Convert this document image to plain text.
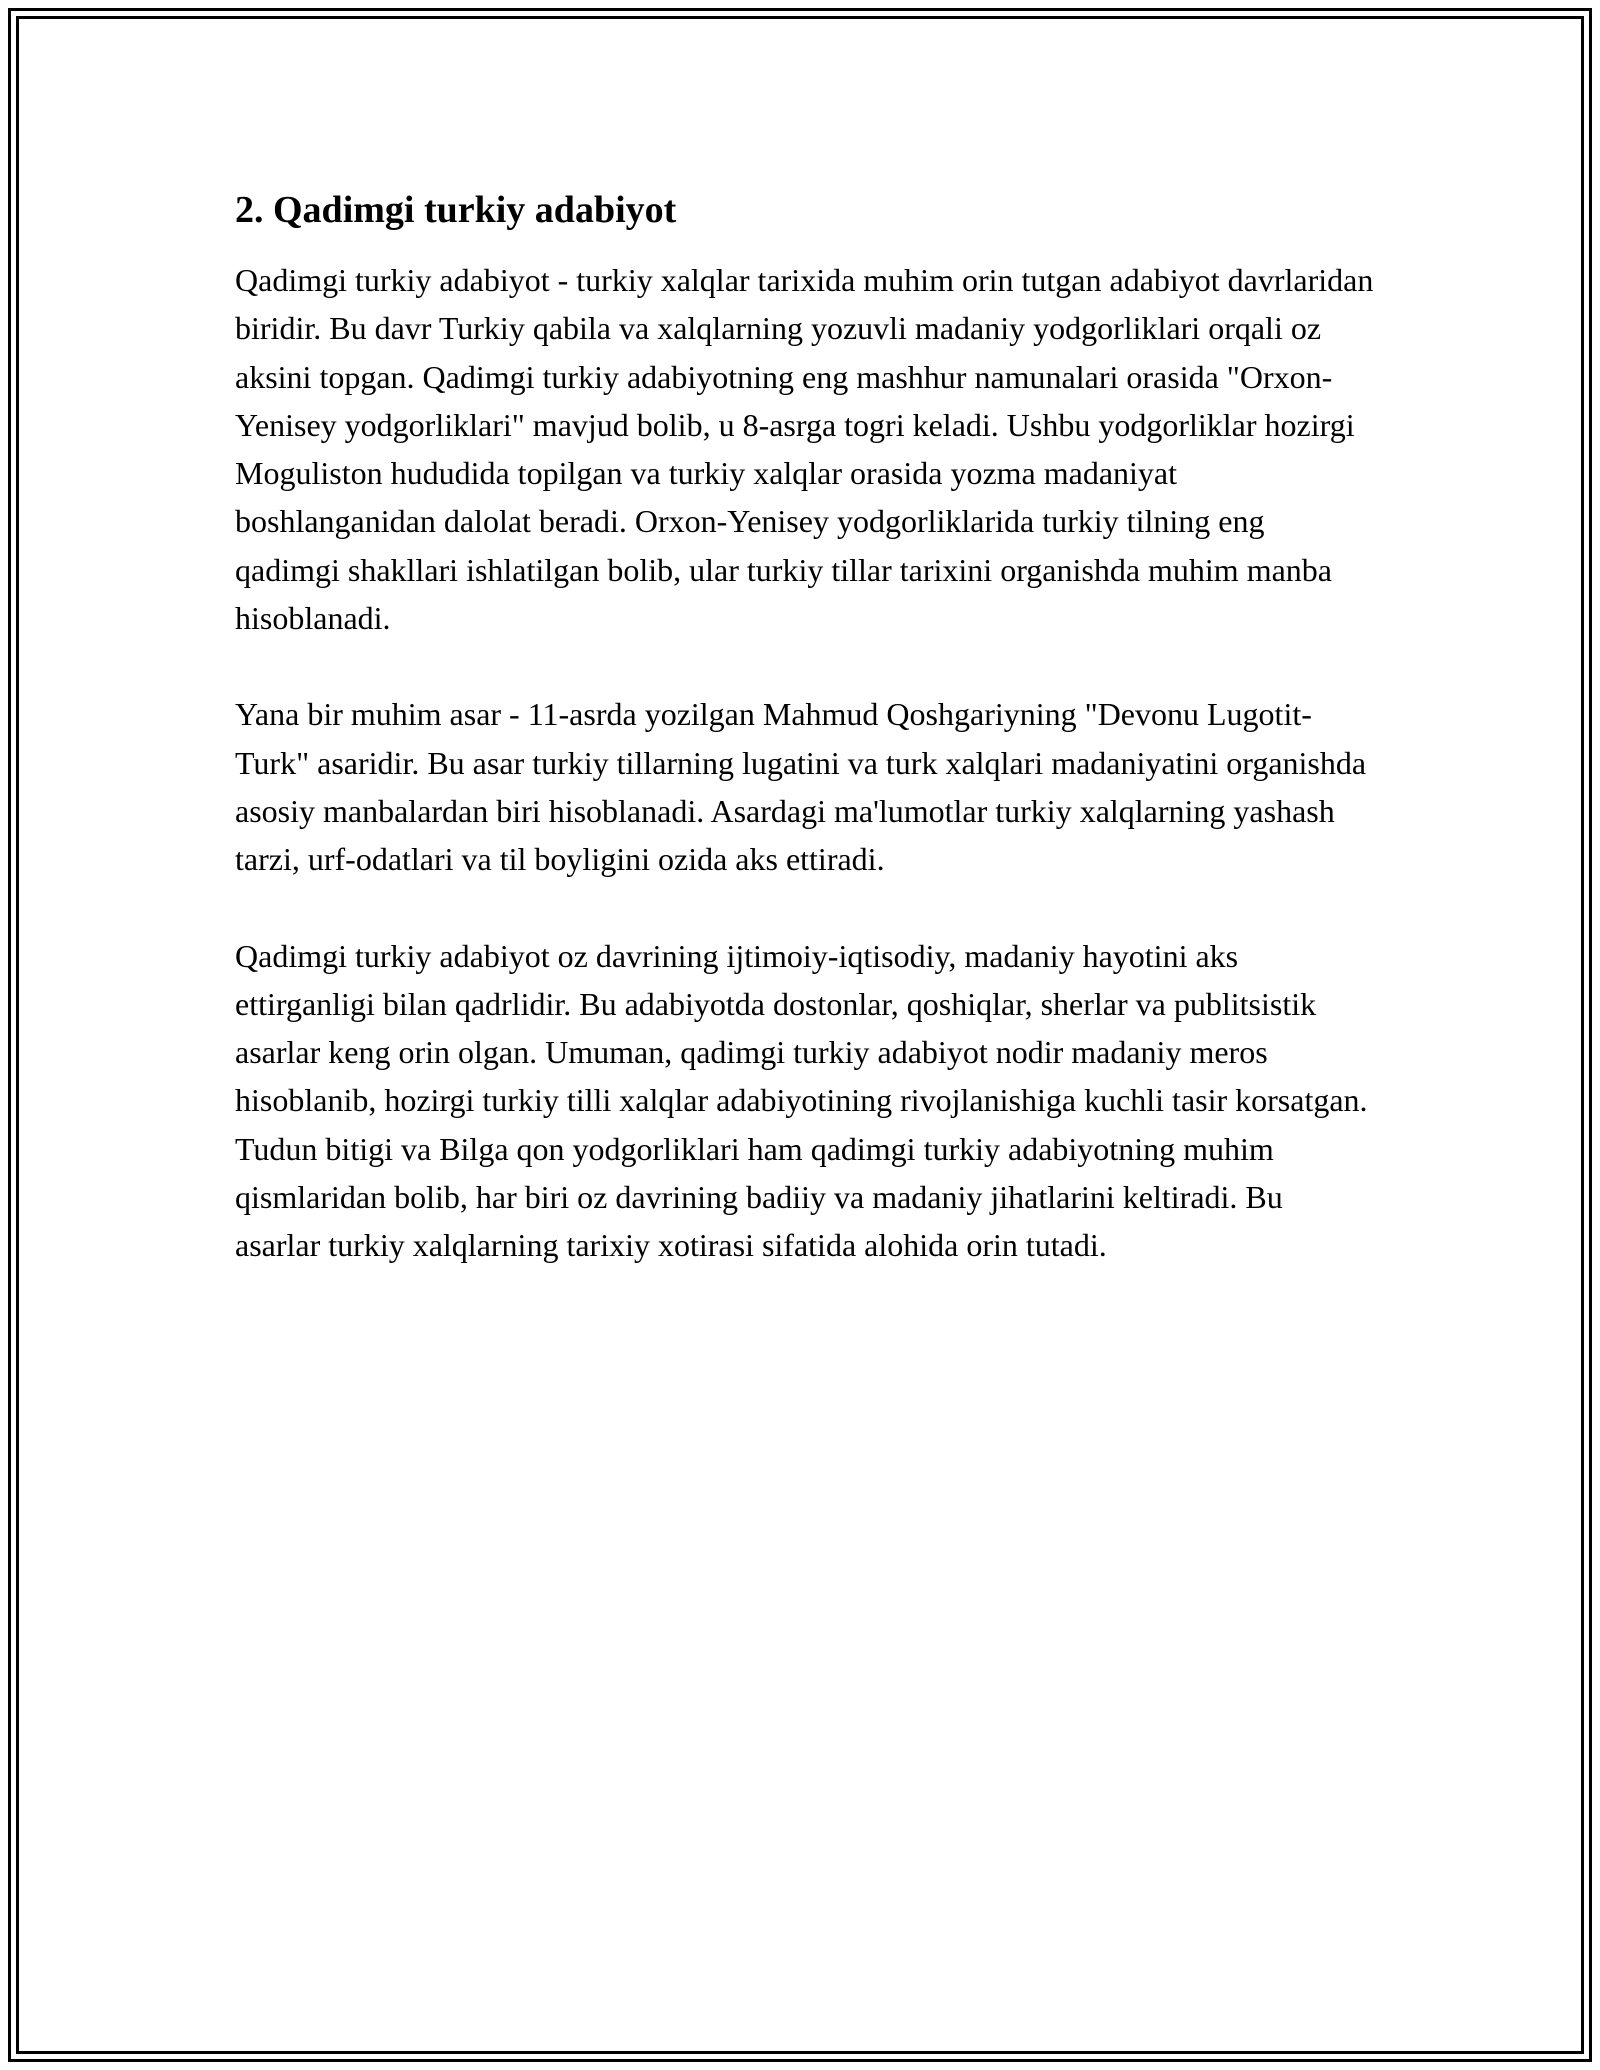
2. Qadimgi turkiy adabiyot

Qadimgi turkiy adabiyot - turkiy xalqlar tarixida muhim orin tutgan adabiyot davrlaridan biridir. Bu davr Turkiy qabila va xalqlarning yozuvli madaniy yodgorliklari orqali oz aksini topgan. Qadimgi turkiy adabiyotning eng mashhur namunalari orasida "Orxon-Yenisey yodgorliklari" mavjud bolib, u 8-asrga togri keladi. Ushbu yodgorliklar hozirgi Moguliston hududida topilgan va turkiy xalqlar orasida yozma madaniyat boshlanganidan dalolat beradi. Orxon-Yenisey yodgorliklarida turkiy tilning eng qadimgi shakllari ishlatilgan bolib, ular turkiy tillar tarixini organishda muhim manba hisoblanadi.

Yana bir muhim asar - 11-asrda yozilgan Mahmud Qoshgariyning "Devonu Lugotit-Turk" asaridir. Bu asar turkiy tillarning lugatini va turk xalqlari madaniyatini organishda asosiy manbalardan biri hisoblanadi. Asardagi ma'lumotlar turkiy xalqlarning yashash tarzi, urf-odatlari va til boyligini ozida aks ettiradi.

Qadimgi turkiy adabiyot oz davrining ijtimoiy-iqtisodiy, madaniy hayotini aks ettirganligi bilan qadrlidir. Bu adabiyotda dostonlar, qoshiqlar, sherlar va publitsistik asarlar keng orin olgan. Umuman, qadimgi turkiy adabiyot nodir madaniy meros hisoblanib, hozirgi turkiy tilli xalqlar adabiyotining rivojlanishiga kuchli tasir korsatgan. Tudun bitigi va Bilga qon yodgorliklari ham qadimgi turkiy adabiyotning muhim qismlaridan bolib, har biri oz davrining badiiy va madaniy jihatlarini keltiradi. Bu asarlar turkiy xalqlarning tarixiy xotirasi sifatida alohida orin tutadi.
